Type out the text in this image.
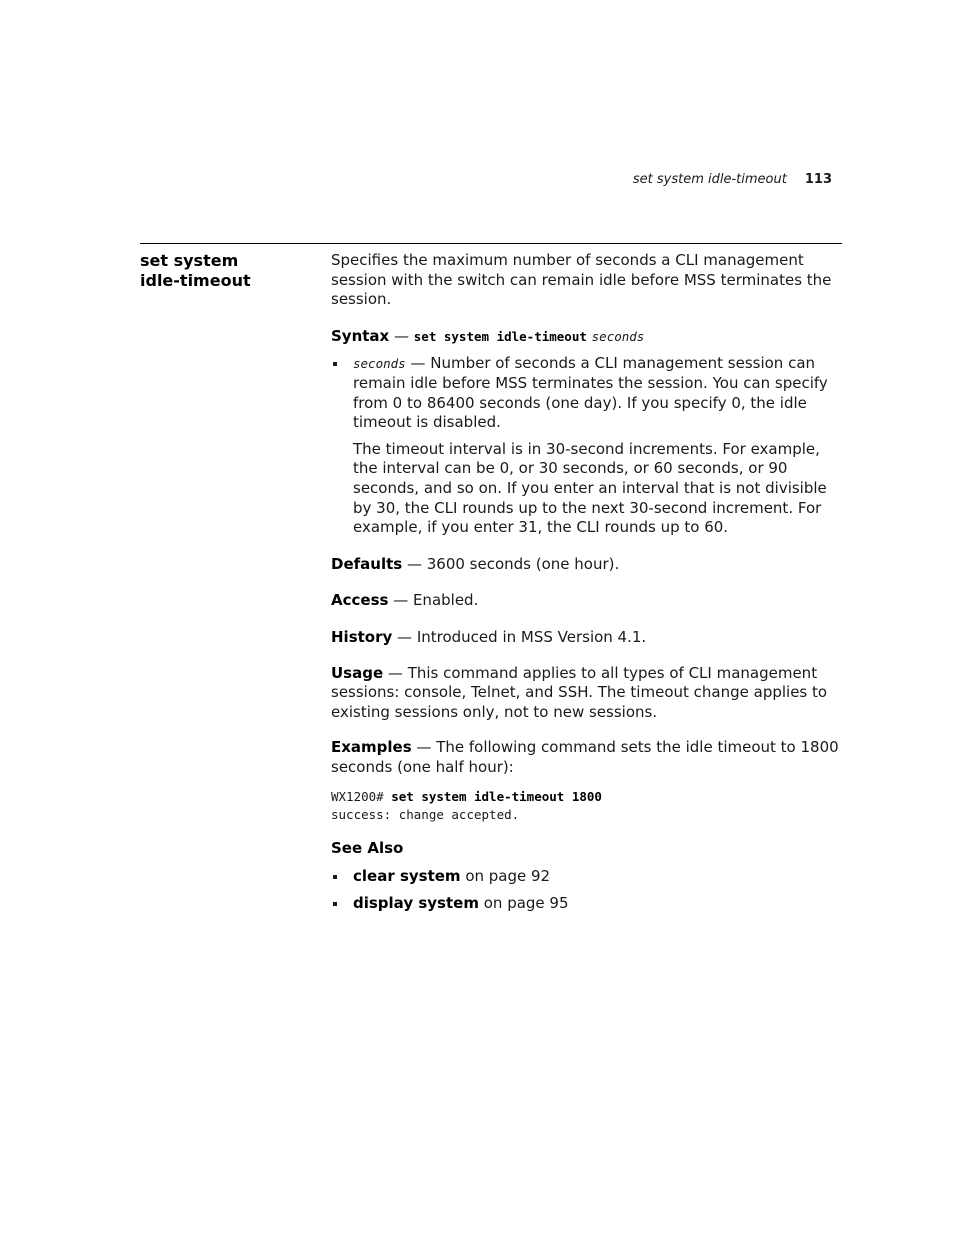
set system idle-timeout 113
set system
idle-timeout

Specifies the maximum number of seconds a CLI management session with the switch can remain idle before MSS terminates the session.

Syntax — set system idle-timeout seconds

seconds — Number of seconds a CLI management session can remain idle before MSS terminates the session. You can specify from 0 to 86400 seconds (one day). If you specify 0, the idle timeout is disabled.

The timeout interval is in 30-second increments. For example, the interval can be 0, or 30 seconds, or 60 seconds, or 90 seconds, and so on. If you enter an interval that is not divisible by 30, the CLI rounds up to the next 30-second increment. For example, if you enter 31, the CLI rounds up to 60.

Defaults — 3600 seconds (one hour).

Access — Enabled.

History — Introduced in MSS Version 4.1.

Usage — This command applies to all types of CLI management sessions: console, Telnet, and SSH. The timeout change applies to existing sessions only, not to new sessions.

Examples — The following command sets the idle timeout to 1800 seconds (one half hour):

WX1200# set system idle-timeout 1800
success: change accepted.

See Also

clear system on page 92
display system on page 95
